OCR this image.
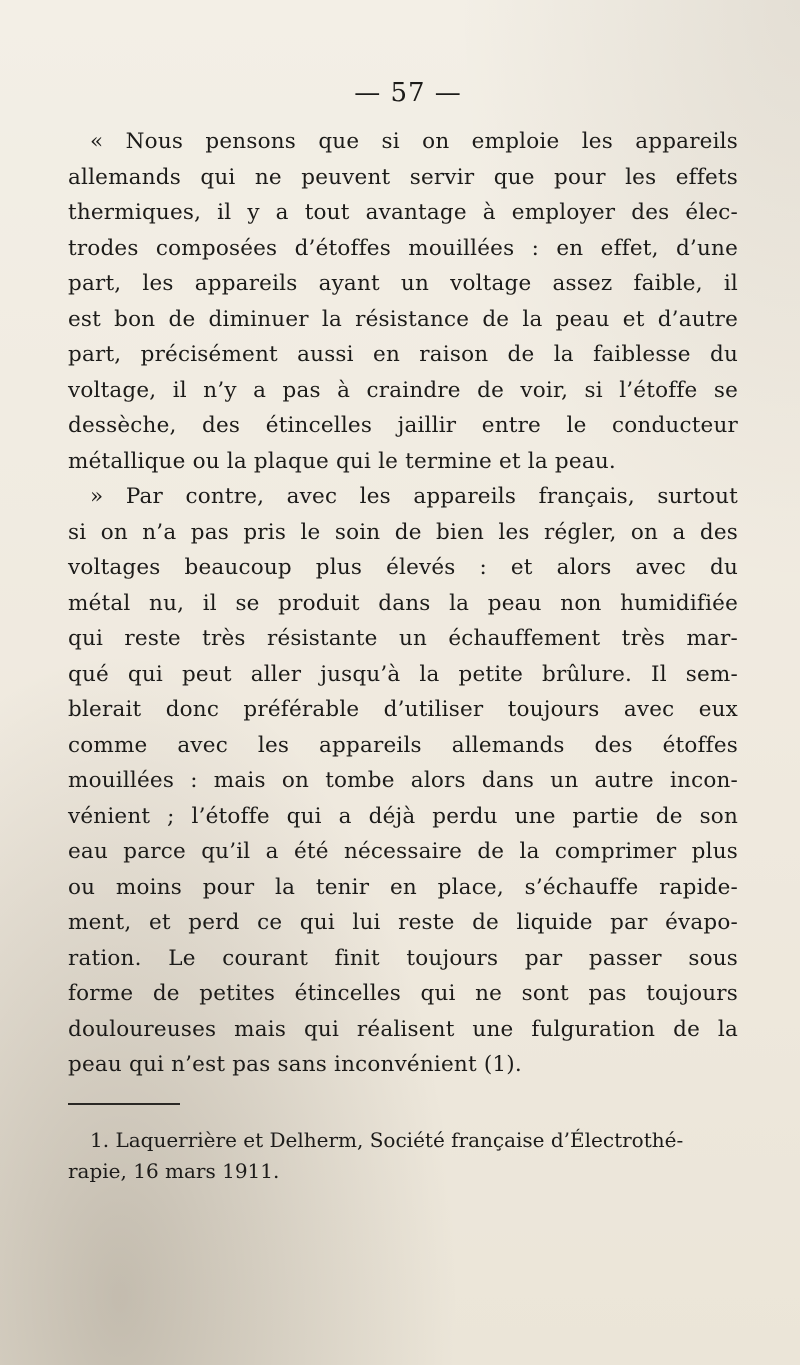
— 57 —
« Nous pensons que si on emploie les appareils
allemands qui ne peuvent servir que pour les effets
thermiques, il y a tout avantage à employer des élec-
trodes composées d’étoffes mouillées : en effet, d’une
part, les appareils ayant un voltage assez faible, il
est bon de diminuer la résistance de la peau et d’autre
part, précisément aussi en raison de la faiblesse du
voltage, il n’y a pas à craindre de voir, si l’étoffe se
dessèche, des étincelles jaillir entre le conducteur
métallique ou la plaque qui le termine et la peau.
» Par contre, avec les appareils français, surtout
si on n’a pas pris le soin de bien les régler, on a des
voltages beaucoup plus élevés : et alors avec du
métal nu, il se produit dans la peau non humidifiée
qui reste très résistante un échauffement très mar-
qué qui peut aller jusqu’à la petite brûlure. Il sem-
blerait donc préférable d’utiliser toujours avec eux
comme avec les appareils allemands des étoffes
mouillées : mais on tombe alors dans un autre incon-
vénient ; l’étoffe qui a déjà perdu une partie de son
eau parce qu’il a été nécessaire de la comprimer plus
ou moins pour la tenir en place, s’échauffe rapide-
ment, et perd ce qui lui reste de liquide par évapo-
ration. Le courant finit toujours par passer sous
forme de petites étincelles qui ne sont pas toujours
douloureuses mais qui réalisent une fulguration de la
peau qui n’est pas sans inconvénient (1).
1. Laquerrière et Delherm, Société française d’Électrothé-
rapie, 16 mars 1911.
